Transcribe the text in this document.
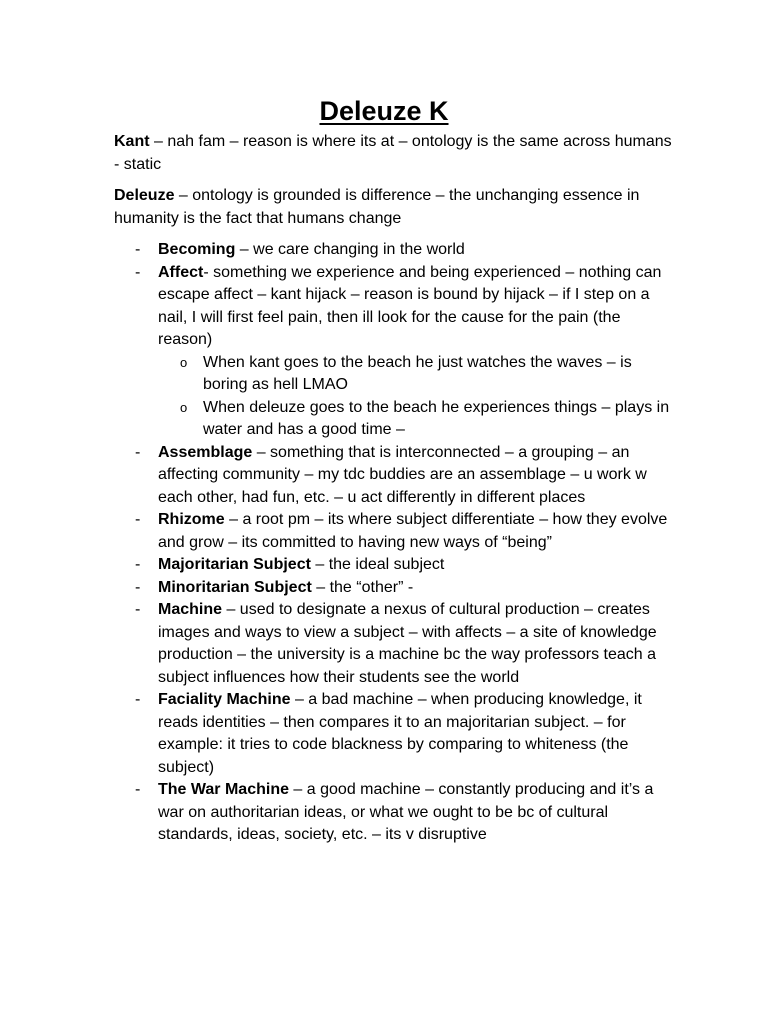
Deleuze K
Kant – nah fam – reason is where its at – ontology is the same across humans - static
Deleuze – ontology is grounded is difference – the unchanging essence in humanity is the fact that humans change
- Becoming – we care changing in the world
- Affect- something we experience and being experienced – nothing can escape affect – kant hijack – reason is bound by hijack – if I step on a nail, I will first feel pain, then ill look for the cause for the pain (the reason)
o When kant goes to the beach he just watches the waves – is boring as hell LMAO
o When deleuze goes to the beach he experiences things – plays in water and has a good time –
- Assemblage – something that is interconnected – a grouping – an affecting community – my tdc buddies are an assemblage – u work w each other, had fun, etc. – u act differently in different places
- Rhizome – a root pm – its where subject differentiate – how they evolve and grow – its committed to having new ways of “being”
- Majoritarian Subject – the ideal subject
- Minoritarian Subject – the “other” -
- Machine – used to designate a nexus of cultural production – creates images and ways to view a subject – with affects – a site of knowledge production – the university is a machine bc the way professors teach a subject influences how their students see the world
- Faciality Machine – a bad machine – when producing knowledge, it reads identities – then compares it to an majoritarian subject. – for example: it tries to code blackness by comparing to whiteness (the subject)
- The War Machine – a good machine – constantly producing and it’s a war on authoritarian ideas, or what we ought to be bc of cultural standards, ideas, society, etc. – its v disruptive
